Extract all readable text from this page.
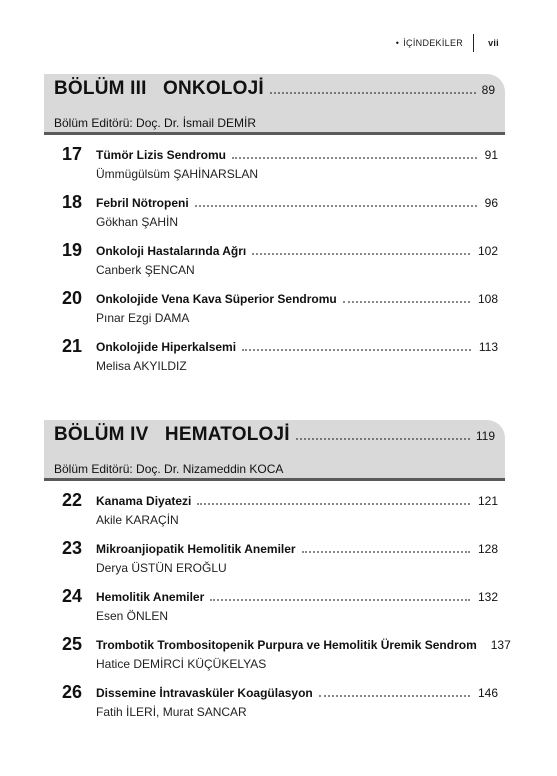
• İÇİNDEKİLER	vii
BÖLÜM III   ONKOLOJİ	89
Bölüm Editörü: Doç. Dr. İsmail DEMİR
17 Tümör Lizis Sendromu	91
Ümmügülsüm ŞAHİNARSLAN
18 Febril Nötropeni	96
Gökhan ŞAHİN
19 Onkoloji Hastalarında Ağrı	102
Canberk ŞENCAN
20 Onkolojide Vena Kava Süperior Sendromu	108
Pınar Ezgi DAMA
21 Onkolojide Hiperkalsemi	113
Melisa AKYILDIZ
BÖLÜM IV   HEMATOLOJİ	119
Bölüm Editörü: Doç. Dr. Nizameddin KOCA
22 Kanama Diyatezi	121
Akile KARAÇİN
23 Mikroanjiopatik Hemolitik Anemiler	128
Derya ÜSTÜN EROĞLU
24 Hemolitik Anemiler	132
Esen ÖNLEN
25 Trombotik Trombositopenik Purpura ve Hemolitik Üremik Sendrom 137
Hatice DEMİRCİ KÜÇÜKELYAS
26 Dissemine İntravasküler Koagülasyon	146
Fatih İLERİ, Murat SANCAR
